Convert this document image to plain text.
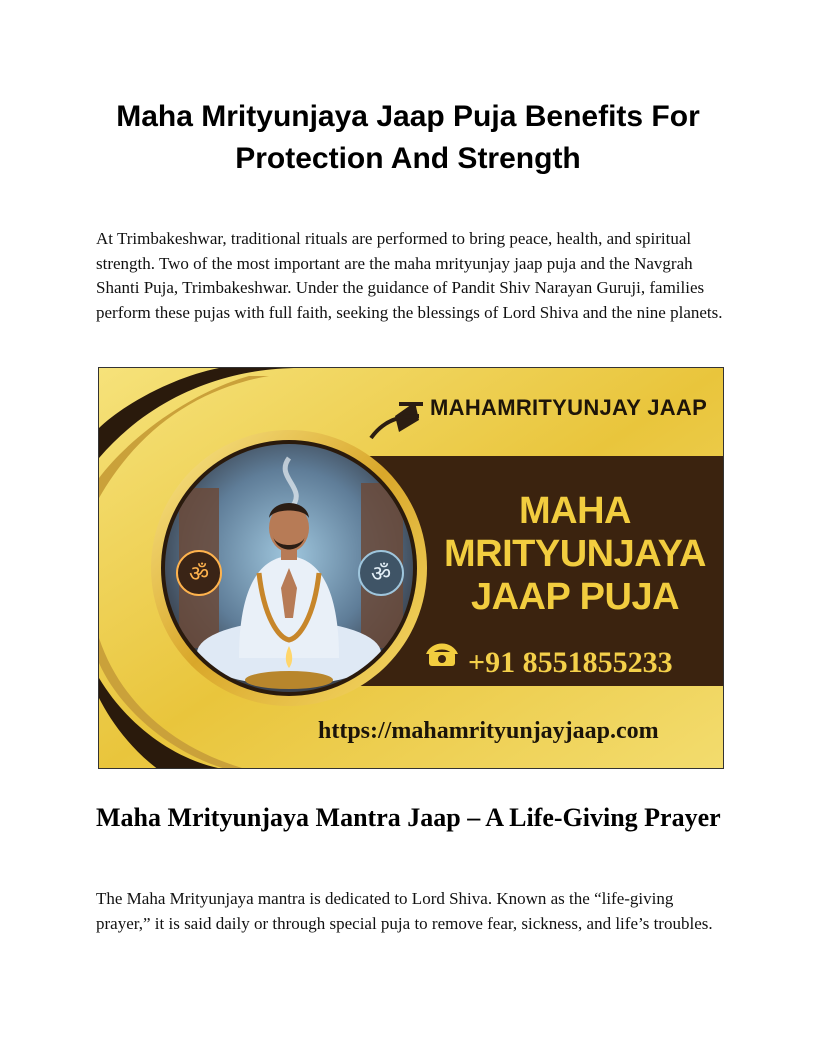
Maha Mrityunjaya Jaap Puja Benefits For Protection And Strength

At Trimbakeshwar, traditional rituals are performed to bring peace, health, and spiritual strength. Two of the most important are the maha mrityunjay jaap puja and the Navgrah Shanti Puja, Trimbakeshwar. Under the guidance of Pandit Shiv Narayan Guruji, families perform these pujas with full faith, seeking the blessings of Lord Shiva and the nine planets.

ॐ	ॐ
MAHAMRITYUNJAY JAAP
MAHA
MRITYUNJAYA
JAAP PUJA
+91 8551855233
https://mahamrityunjayjaap.com
Maha Mrityunjaya Mantra Jaap – A Life-Giving Prayer

The Maha Mrityunjaya mantra is dedicated to Lord Shiva. Known as the “life-giving prayer,” it is said daily or through special puja to remove fear, sickness, and life’s troubles.
